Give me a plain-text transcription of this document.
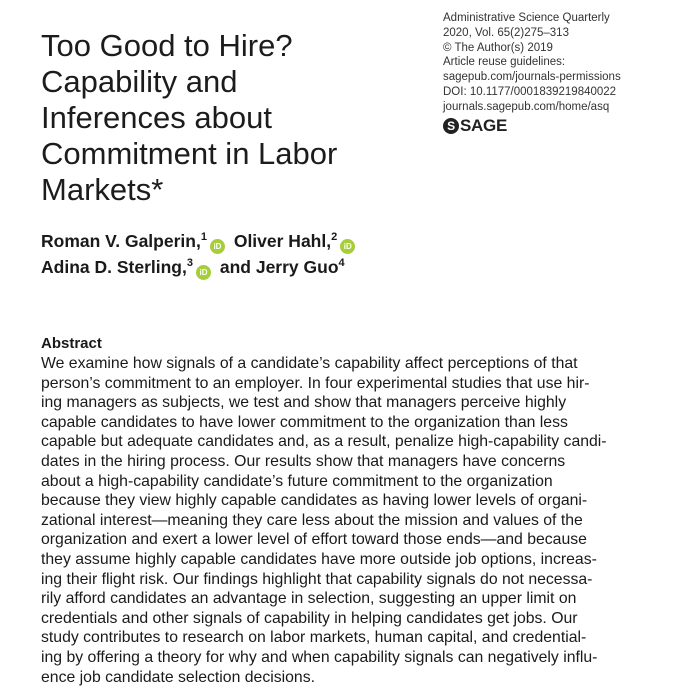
Too Good to Hire?
Capability and
Inferences about
Commitment in Labor
Markets*
Administrative Science Quarterly
2020, Vol. 65(2)275–313
© The Author(s) 2019
Article reuse guidelines:
sagepub.com/journals-permissions
DOI: 10.1177/0001839219840022
journals.sagepub.com/home/asq
S SAGE
Roman V. Galperin,$^1$iD Oliver Hahl,$^2$iD
Adina D. Sterling,$^3$iD and Jerry Guo$^4$
Abstract
We examine how signals of a candidate’s capability affect perceptions of that
person’s commitment to an employer. In four experimental studies that use hir-
ing managers as subjects, we test and show that managers perceive highly
capable candidates to have lower commitment to the organization than less
capable but adequate candidates and, as a result, penalize high-capability candi-
dates in the hiring process. Our results show that managers have concerns
about a high-capability candidate’s future commitment to the organization
because they view highly capable candidates as having lower levels of organi-
zational interest—meaning they care less about the mission and values of the
organization and exert a lower level of effort toward those ends—and because
they assume highly capable candidates have more outside job options, increas-
ing their flight risk. Our findings highlight that capability signals do not necessa-
rily afford candidates an advantage in selection, suggesting an upper limit on
credentials and other signals of capability in helping candidates get jobs. Our
study contributes to research on labor markets, human capital, and credential-
ing by offering a theory for why and when capability signals can negatively influ-
ence job candidate selection decisions.
